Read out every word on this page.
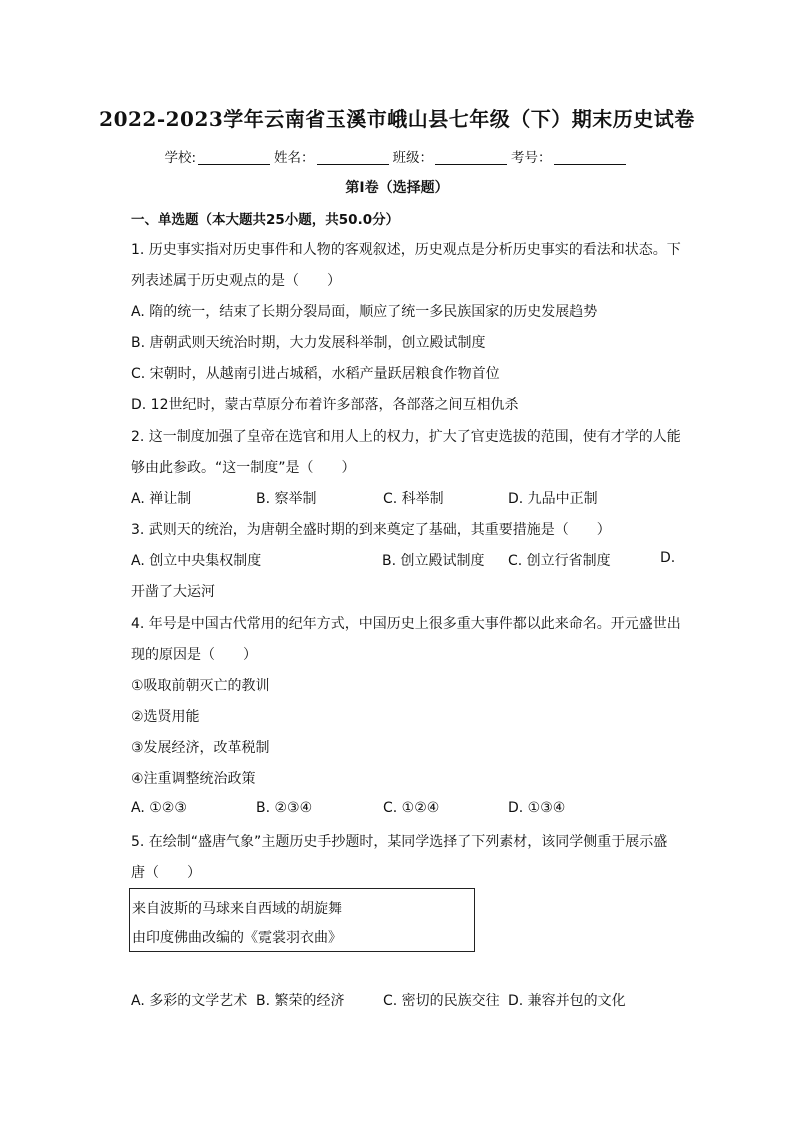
2022-2023学年云南省玉溪市峨山县七年级（下）期末历史试卷
学校:	姓名：	班级：	考号：
第I卷（选择题）
一、单选题（本大题共25小题，共50.0分）
1. 历史事实指对历史事件和人物的客观叙述，历史观点是分析历史事实的看法和状态。下
列表述属于历史观点的是（　　）
A. 隋的统一，结束了长期分裂局面，顺应了统一多民族国家的历史发展趋势
B. 唐朝武则天统治时期，大力发展科举制，创立殿试制度
C. 宋朝时，从越南引进占城稻，水稻产量跃居粮食作物首位
D. 12世纪时，蒙古草原分布着许多部落，各部落之间互相仇杀
2. 这一制度加强了皇帝在选官和用人上的权力，扩大了官吏选拔的范围，使有才学的人能
够由此参政。“这一制度”是（　　）
A. 禅让制	B. 察举制	C. 科举制	D. 九品中正制
3. 武则天的统治，为唐朝全盛时期的到来奠定了基础，其重要措施是（　　）
A. 创立中央集权制度	B. 创立殿试制度 C. 创立行省制度	D.
开凿了大运河
4. 年号是中国古代常用的纪年方式，中国历史上很多重大事件都以此来命名。开元盛世出
现的原因是（　　）
①吸取前朝灭亡的教训
②选贤用能
③发展经济，改革税制
④注重调整统治政策
A. ①②③	B. ②③④	C. ①②④	D. ①③④
5. 在绘制“盛唐气象”主题历史手抄题时，某同学选择了下列素材，该同学侧重于展示盛
唐（　　）
来自波斯的马球来自西域的胡旋舞
由印度佛曲改编的《霓裳羽衣曲》
A. 多彩的文学艺术 B. 繁荣的经济	C. 密切的民族交往 D. 兼容并包的文化
